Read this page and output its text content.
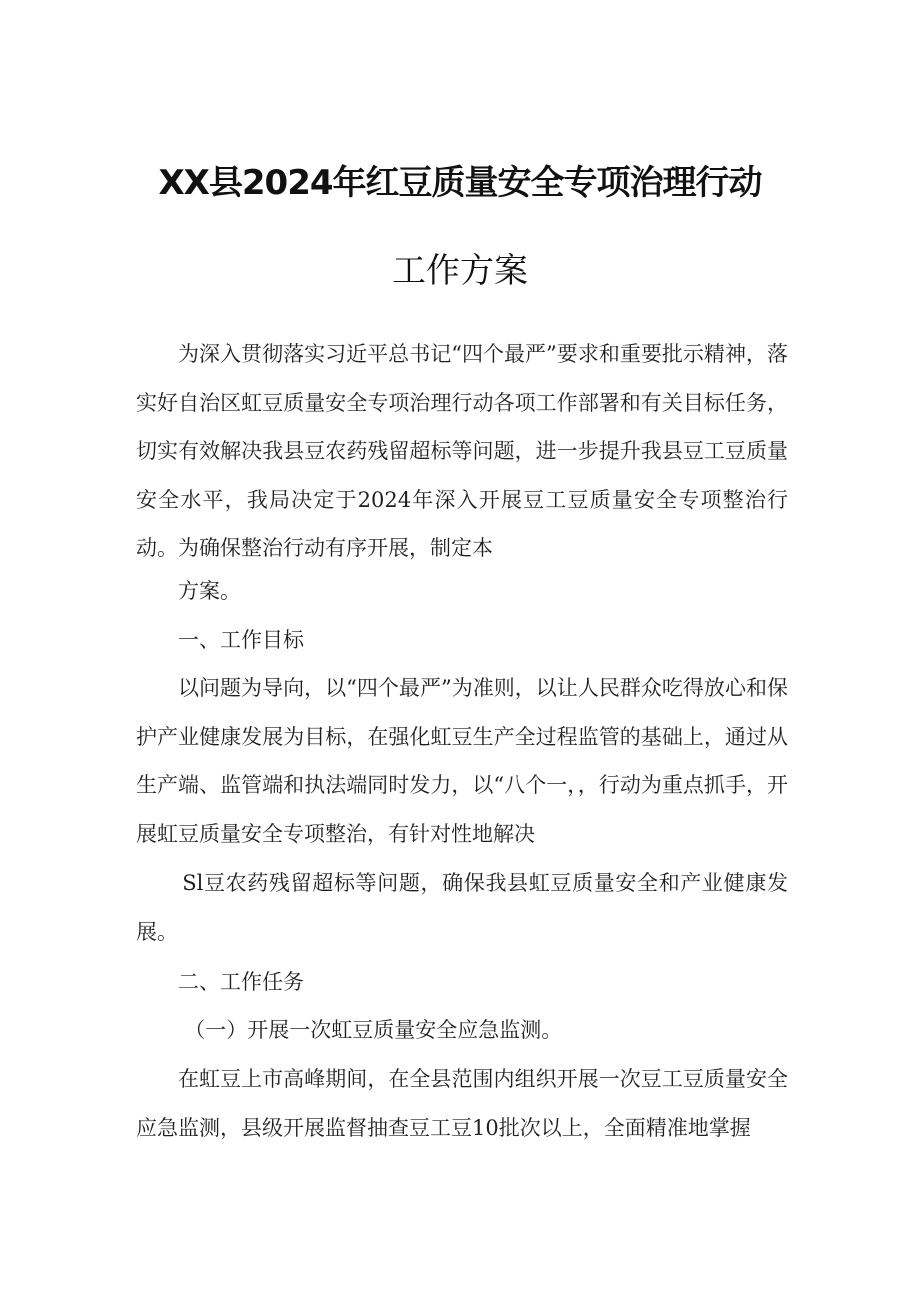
XX县2024年红豆质量安全专项治理行动
工作方案

为深入贯彻落实习近平总书记“四个最严”要求和重要批示精神，落实好自治区虹豆质量安全专项治理行动各项工作部署和有关目标任务，切实有效解决我县豆农药残留超标等问题，进一步提升我县豆工豆质量安全水平，我局决定于2024年深入开展豆工豆质量安全专项整治行动。为确保整治行动有序开展，制定本

方案。

一、工作目标

以问题为导向，以“四个最严”为准则，以让人民群众吃得放心和保护产业健康发展为目标，在强化虹豆生产全过程监管的基础上，通过从生产端、监管端和执法端同时发力，以“八个一，，行动为重点抓手，开展虹豆质量安全专项整治，有针对性地解决

Sl豆农药残留超标等问题，确保我县虹豆质量安全和产业健康发展。

二、工作任务

（一）开展一次虹豆质量安全应急监测。

在虹豆上市高峰期间，在全县范围内组织开展一次豆工豆质量安全应急监测，县级开展监督抽查豆工豆10批次以上，全面精准地掌握
